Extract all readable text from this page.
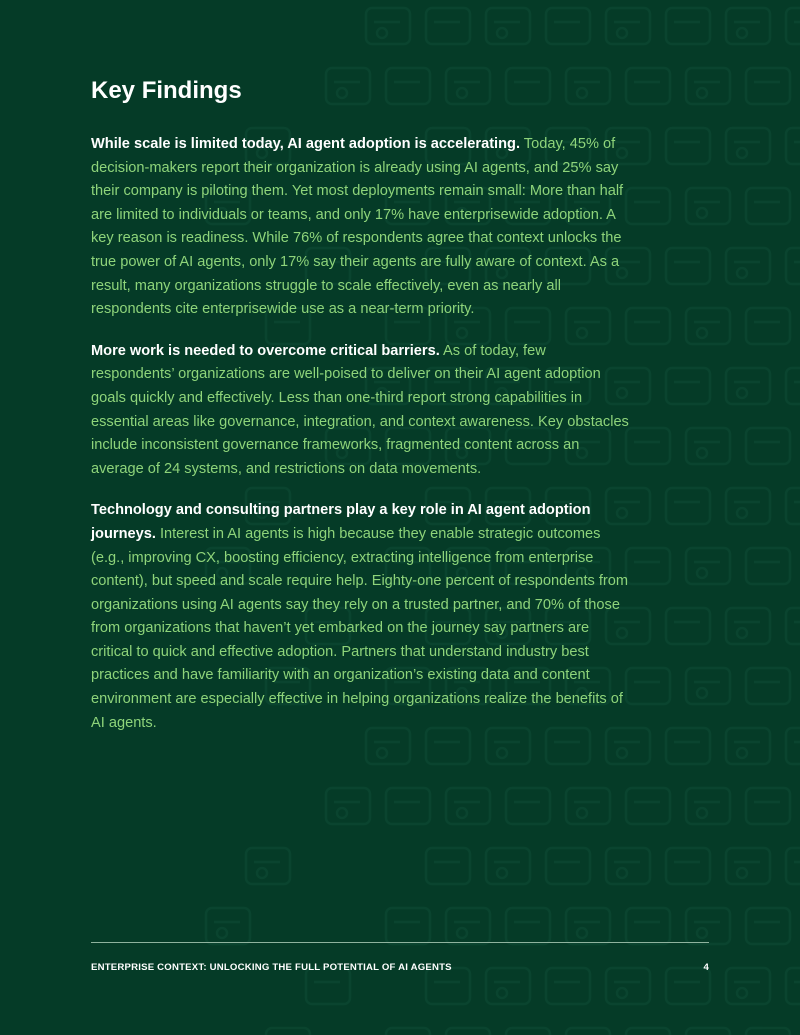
Key Findings

While scale is limited today, AI agent adoption is accelerating. Today, 45% of decision-makers report their organization is already using AI agents, and 25% say their company is piloting them. Yet most deployments remain small: More than half are limited to individuals or teams, and only 17% have enterprisewide adoption. A key reason is readiness. While 76% of respondents agree that context unlocks the true power of AI agents, only 17% say their agents are fully aware of context. As a result, many organizations struggle to scale effectively, even as nearly all respondents cite enterprisewide use as a near-term priority.

More work is needed to overcome critical barriers. As of today, few respondents’ organizations are well-poised to deliver on their AI agent adoption goals quickly and effectively. Less than one-third report strong capabilities in essential areas like governance, integration, and context awareness. Key obstacles include inconsistent governance frameworks, fragmented content across an average of 24 systems, and restrictions on data movements.

Technology and consulting partners play a key role in AI agent adoption journeys. Interest in AI agents is high because they enable strategic outcomes (e.g., improving CX, boosting efficiency, extracting intelligence from enterprise content), but speed and scale require help. Eighty-one percent of respondents from organizations using AI agents say they rely on a trusted partner, and 70% of those from organizations that haven’t yet embarked on the journey say partners are critical to quick and effective adoption. Partners that understand industry best practices and have familiarity with an organization’s existing data and content environment are especially effective in helping organizations realize the benefits of AI agents.

ENTERPRISE CONTEXT: UNLOCKING THE FULL POTENTIAL OF AI AGENTS	4
